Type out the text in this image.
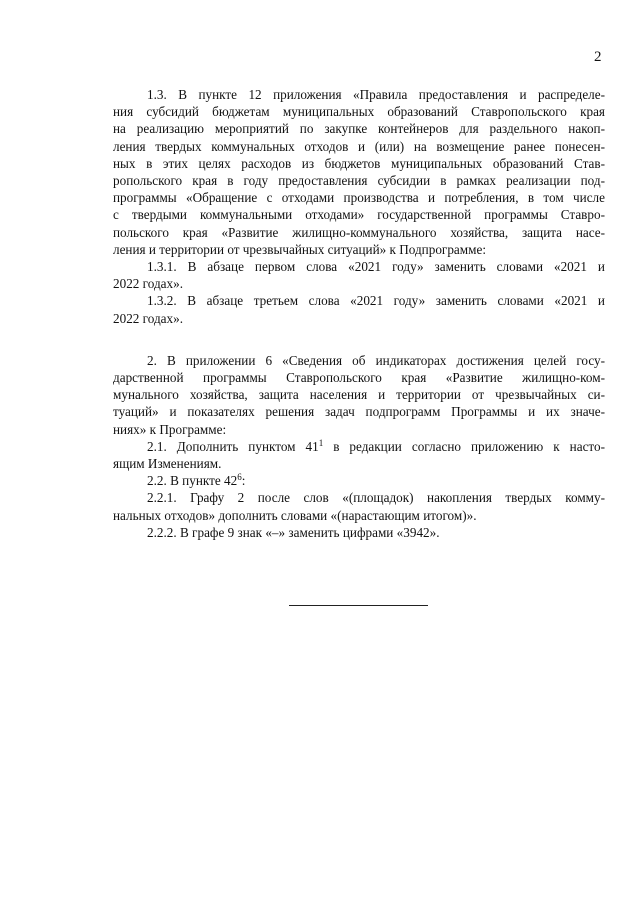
2
1.3. В пункте 12 приложения «Правила предоставления и распределе-
ния субсидий бюджетам муниципальных образований Ставропольского края
на реализацию мероприятий по закупке контейнеров для раздельного накоп-
ления твердых коммунальных отходов и (или) на возмещение ранее понесен-
ных в этих целях расходов из бюджетов муниципальных образований Став-
ропольского края в году предоставления субсидии в рамках реализации под-
программы «Обращение с отходами производства и потребления, в том числе
с твердыми коммунальными отходами» государственной программы Ставро-
польского края «Развитие жилищно-коммунального хозяйства, защита насе-
ления и территории от чрезвычайных ситуаций» к Подпрограмме:
1.3.1. В абзаце первом слова «2021 году» заменить словами «2021 и
2022 годах».
1.3.2. В абзаце третьем слова «2021 году» заменить словами «2021 и
2022 годах».
2. В приложении 6 «Сведения об индикаторах достижения целей госу-
дарственной программы Ставропольского края «Развитие жилищно-ком-
мунального хозяйства, защита населения и территории от чрезвычайных си-
туаций» и показателях решения задач подпрограмм Программы и их значе-
ниях» к Программе:
2.1. Дополнить пунктом $41^1$ в редакции согласно приложению к насто-
ящим Изменениям.
2.2. В пункте $42^6$:
2.2.1. Графу 2 после слов «(площадок) накопления твердых комму-
нальных отходов» дополнить словами «(нарастающим итогом)».
2.2.2. В графе 9 знак «–» заменить цифрами «3942».
